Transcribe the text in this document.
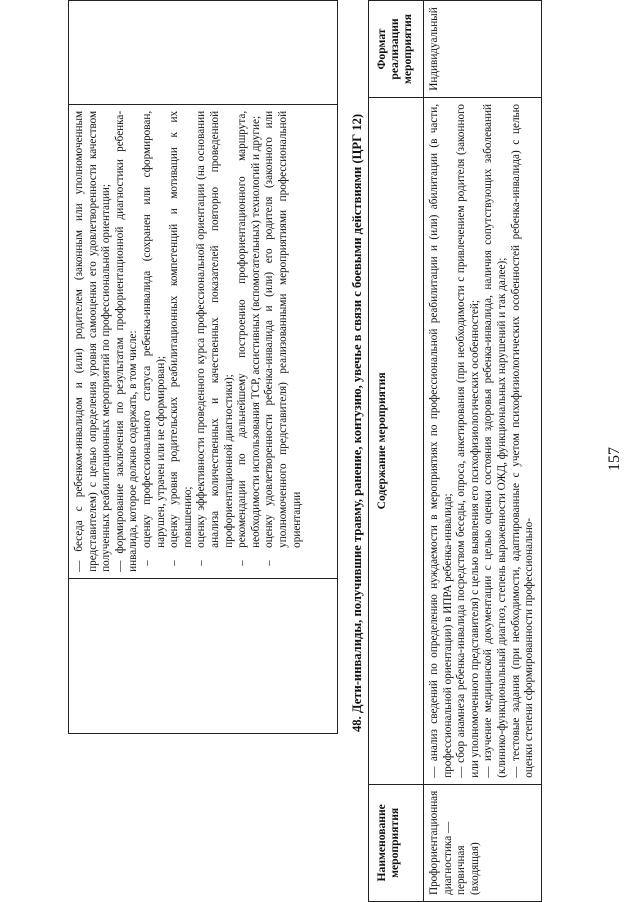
157

— беседа с ребенком-инвалидом и (или) родителем (законным или уполномоченным представителем) с целью определения уровня самооценки его удовлетворенности качеством полученных реабилитационных мероприятий по профессиональной ориентации; — формирование заключения по результатам профориентационной диагностики ребенка-инвалида, которое должно содержать, в том числе: –
оценку профессионального статуса ребенка-инвалида (сохранен или сформирован, нарушен, утрачен или не сформирован);

–
оценку уровня родительских реабилитационных компетенций и мотивации к их повышению;

–
оценку эффективности проведенного курса профессиональной ориентации (на основании анализа количественных и качественных показателей повторно проведенной профориентационной диагностики);

–
рекомендации по дальнейшему построению профориентационного маршрута, необходимости использования ТСР, ассистивных (вспомогательных) технологий и другие;

–
оценку удовлетворенности ребенка-инвалида и (или) его родителя (законного или уполномоченного представителя) реализованными мероприятиями профессиональной ориентации

		48. Дети-инвалиды, получившие травму, ранение, контузию, увечье в связи с боевыми действиями (ЦРГ 12)
Наименование мероприятия	Содержание мероприятия	Формат реализации мероприятия
Профориентационная диагностика — первичная (входящая)	— анализ сведений по определению нуждаемости в мероприятиях по профессиональной реабилитации и (или) абилитации (в части, профессиональной ориентации) в ИПРА ребенка-инвалида; — сбор анамнеза ребенка-инвалида посредством беседы, опроса, анкетирования (при необходимости с привлечением родителя (законного или уполномоченного представителя) с целью выявления его психофизиологических особенностей; — изучение медицинской документации с целью оценки состояния здоровья ребенка-инвалида, наличия сопутствующих заболеваний (клинико-функциональный диагноз, степень выраженности ОЖД, функциональных нарушений и так далее); — тестовые задания (при необходимости, адаптированные с учетом психофизиологических особенностей ребенка-инвалида) с целью оценки степени сформированности профессионально-	Индивидуальный
